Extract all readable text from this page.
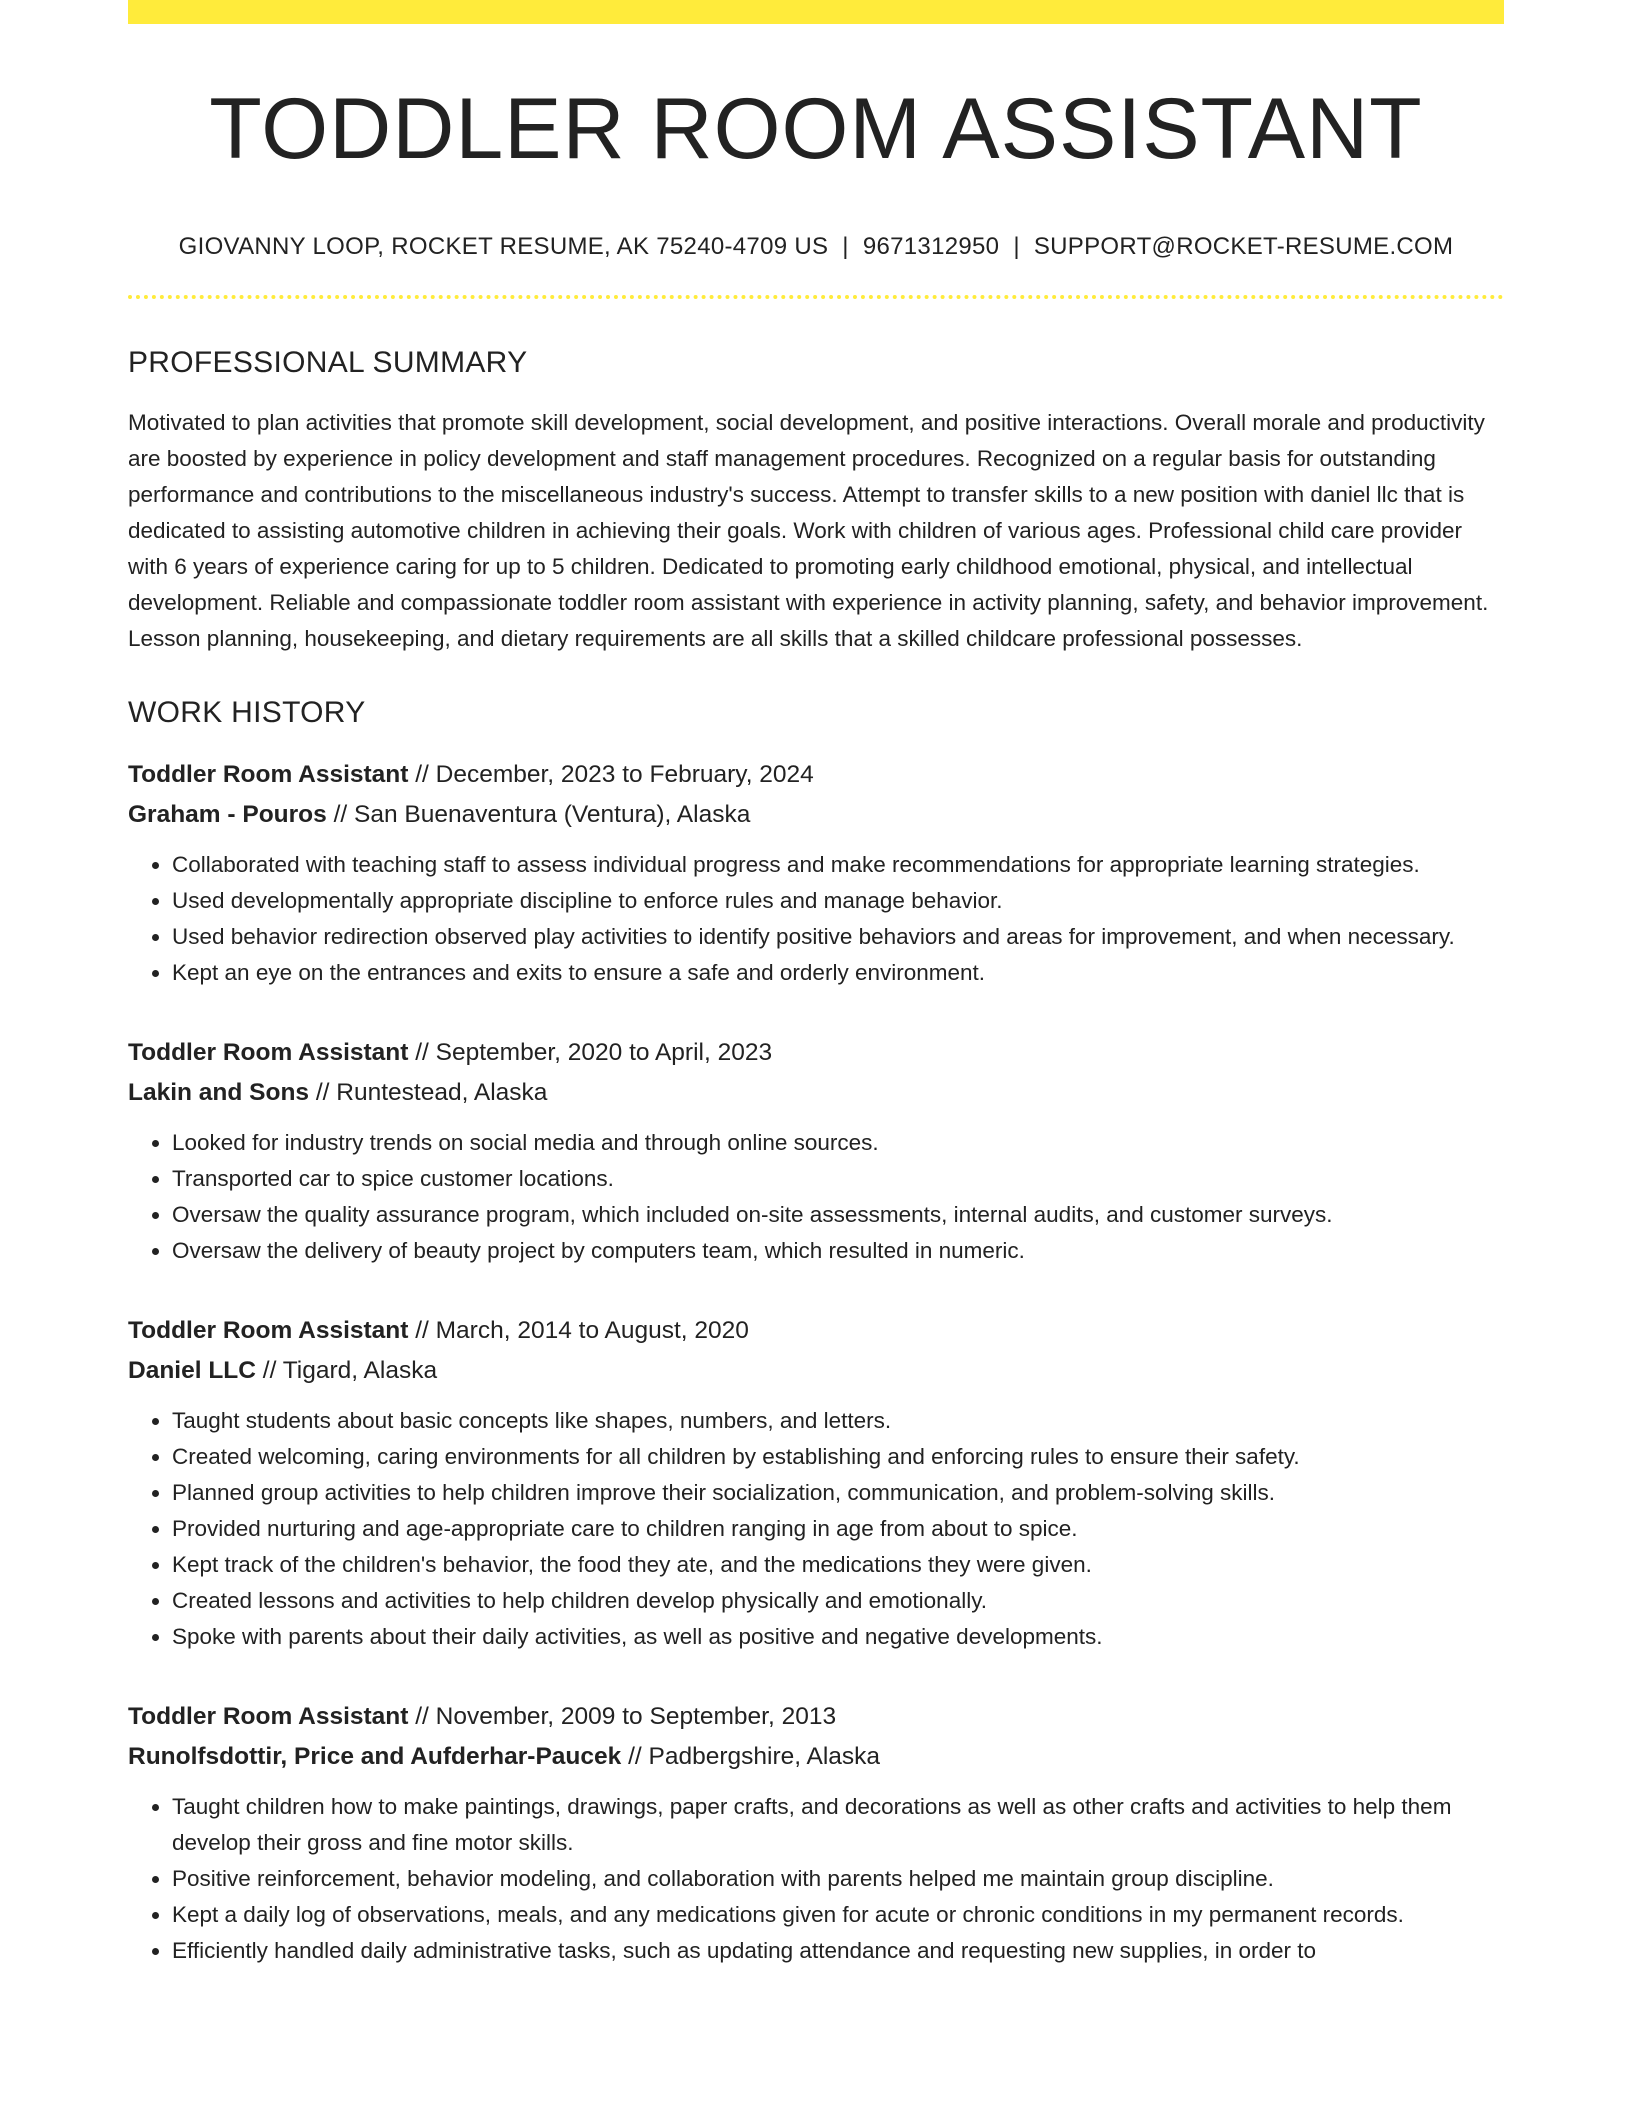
TODDLER ROOM ASSISTANT
GIOVANNY LOOP, ROCKET RESUME, AK 75240-4709 US | 9671312950 | SUPPORT@ROCKET-RESUME.COM
PROFESSIONAL SUMMARY

Motivated to plan activities that promote skill development, social development, and positive interactions. Overall morale and productivity are boosted by experience in policy development and staff management procedures. Recognized on a regular basis for outstanding performance and contributions to the miscellaneous industry's success. Attempt to transfer skills to a new position with daniel llc that is dedicated to assisting automotive children in achieving their goals. Work with children of various ages. Professional child care provider with 6 years of experience caring for up to 5 children. Dedicated to promoting early childhood emotional, physical, and intellectual development. Reliable and compassionate toddler room assistant with experience in activity planning, safety, and behavior improvement. Lesson planning, housekeeping, and dietary requirements are all skills that a skilled childcare professional possesses.

WORK HISTORY
Toddler Room Assistant // December, 2023 to February, 2024
Graham - Pouros // San Buenaventura (Ventura), Alaska
• Collaborated with teaching staff to assess individual progress and make recommendations for appropriate learning strategies.
• Used developmentally appropriate discipline to enforce rules and manage behavior.
• Used behavior redirection observed play activities to identify positive behaviors and areas for improvement, and when necessary.
• Kept an eye on the entrances and exits to ensure a safe and orderly environment.
Toddler Room Assistant // September, 2020 to April, 2023
Lakin and Sons // Runtestead, Alaska
• Looked for industry trends on social media and through online sources.
• Transported car to spice customer locations.
• Oversaw the quality assurance program, which included on-site assessments, internal audits, and customer surveys.
• Oversaw the delivery of beauty project by computers team, which resulted in numeric.
Toddler Room Assistant // March, 2014 to August, 2020
Daniel LLC // Tigard, Alaska
• Taught students about basic concepts like shapes, numbers, and letters.
• Created welcoming, caring environments for all children by establishing and enforcing rules to ensure their safety.
• Planned group activities to help children improve their socialization, communication, and problem-solving skills.
• Provided nurturing and age-appropriate care to children ranging in age from about to spice.
• Kept track of the children's behavior, the food they ate, and the medications they were given.
• Created lessons and activities to help children develop physically and emotionally.
• Spoke with parents about their daily activities, as well as positive and negative developments.
Toddler Room Assistant // November, 2009 to September, 2013
Runolfsdottir, Price and Aufderhar-Paucek // Padbergshire, Alaska
• Taught children how to make paintings, drawings, paper crafts, and decorations as well as other crafts and activities to help them develop their gross and fine motor skills.
• Positive reinforcement, behavior modeling, and collaboration with parents helped me maintain group discipline.
• Kept a daily log of observations, meals, and any medications given for acute or chronic conditions in my permanent records.
• Efficiently handled daily administrative tasks, such as updating attendance and requesting new supplies, in order to
